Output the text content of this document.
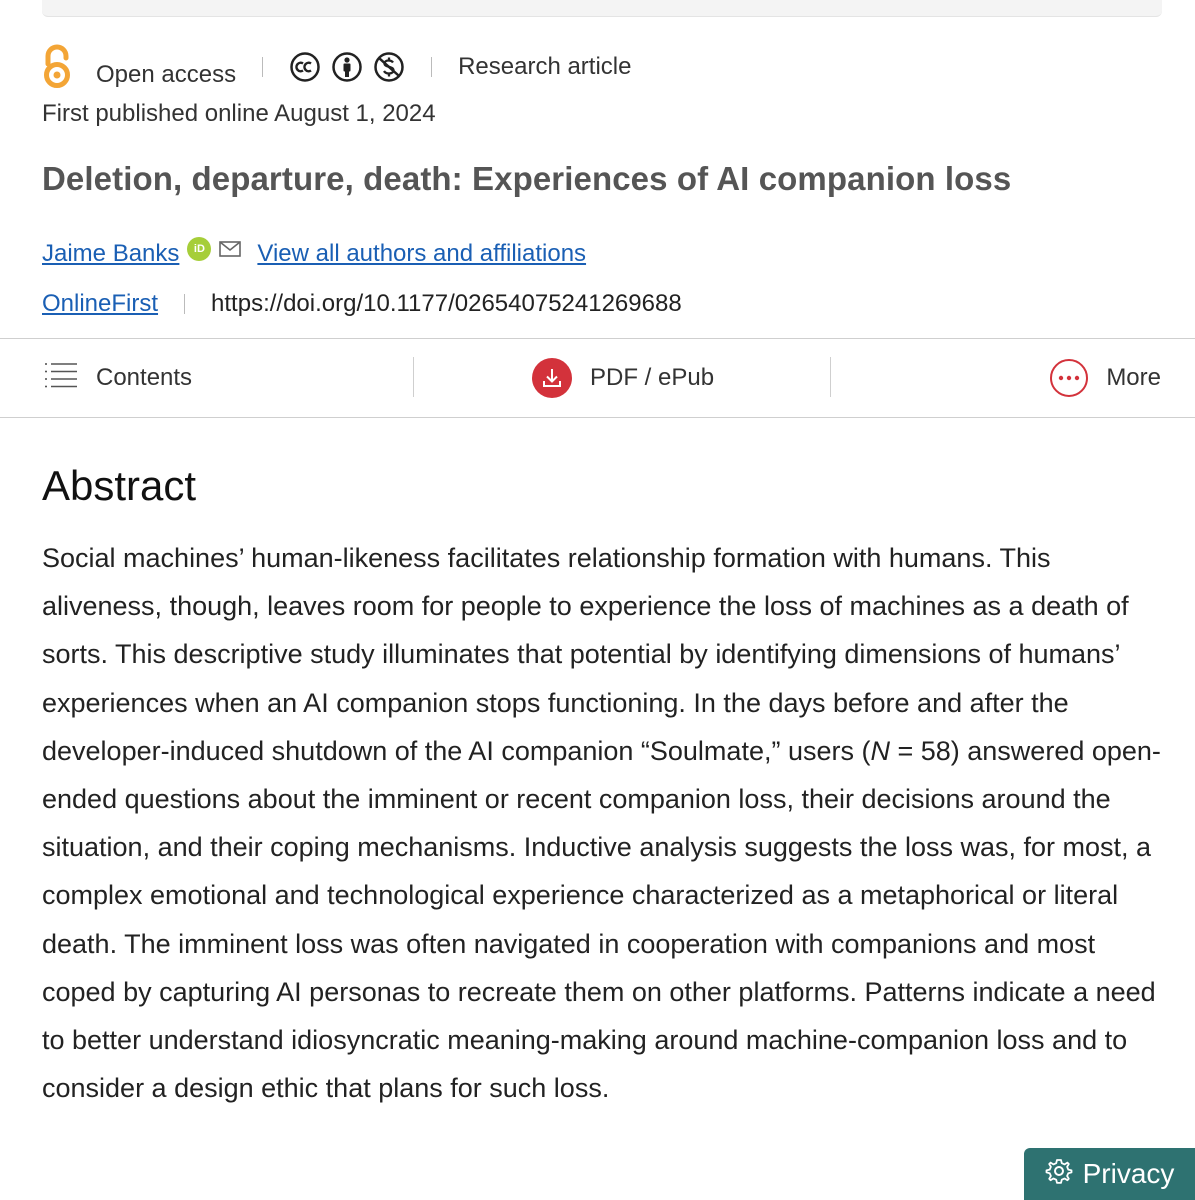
Open access	Research article
First published online August 1, 2024
Deletion, departure, death: Experiences of AI companion loss
Jaime Banks	iD View all authors and affiliations
OnlineFirst https://doi.org/10.1177/02654075241269688
Contents	PDF / ePub	More
Abstract

Social machines’ human-likeness facilitates relationship formation with humans. This aliveness, though, leaves room for people to experience the loss of machines as a death of sorts. This descriptive study illuminates that potential by identifying dimensions of humans’ experiences when an AI companion stops functioning. In the days before and after the developer-induced shutdown of the AI companion “Soulmate,” users (N = 58) answered open-ended questions about the imminent or recent companion loss, their decisions around the situation, and their coping mechanisms. Inductive analysis suggests the loss was, for most, a complex emotional and technological experience characterized as a metaphorical or literal death. The imminent loss was often navigated in cooperation with companions and most coped by capturing AI personas to recreate them on other platforms. Patterns indicate a need to better understand idiosyncratic meaning-making around machine-companion loss and to consider a design ethic that plans for such loss.

Privacy
